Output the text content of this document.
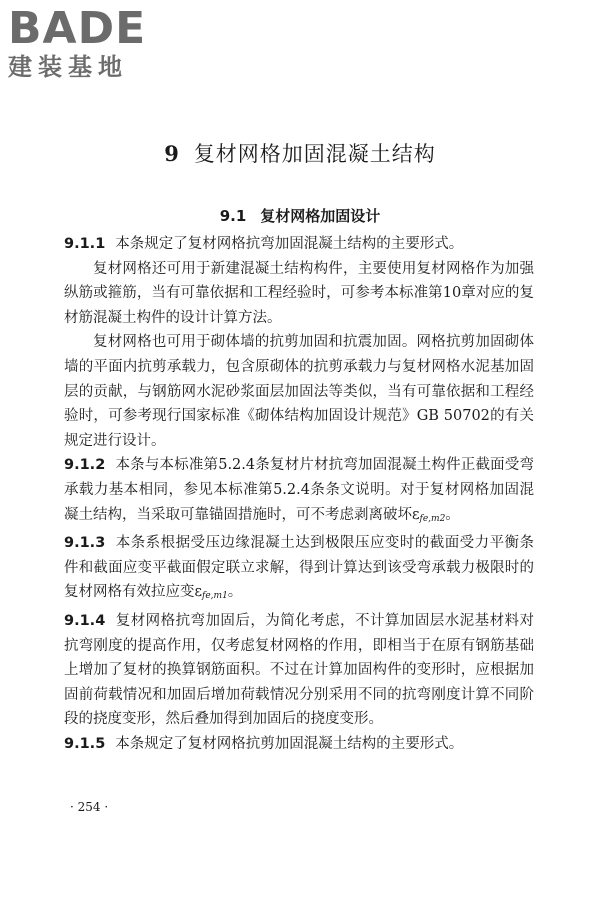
BADE
建装基地
9 复材网格加固混凝土结构
9.1 复材网格加固设计

9.1.1 本条规定了复材网格抗弯加固混凝土结构的主要形式。

复材网格还可用于新建混凝土结构构件，主要使用复材网格作为加强纵筋或箍筋，当有可靠依据和工程经验时，可参考本标准第10章对应的复材筋混凝土构件的设计计算方法。

复材网格也可用于砌体墙的抗剪加固和抗震加固。网格抗剪加固砌体墙的平面内抗剪承载力，包含原砌体的抗剪承载力与复材网格水泥基加固层的贡献，与钢筋网水泥砂浆面层加固法等类似，当有可靠依据和工程经验时，可参考现行国家标准《砌体结构加固设计规范》GB 50702的有关规定进行设计。

9.1.2 本条与本标准第5.2.4条复材片材抗弯加固混凝土构件正截面受弯承载力基本相同，参见本标准第5.2.4条条文说明。对于复材网格加固混凝土结构，当采取可靠锚固措施时，可不考虑剥离破坏$\varepsilon_{fe,m2}$。

9.1.3 本条系根据受压边缘混凝土达到极限压应变时的截面受力平衡条件和截面应变平截面假定联立求解，得到计算达到该受弯承载力极限时的复材网格有效拉应变$\varepsilon_{fe,m1}$。

9.1.4 复材网格抗弯加固后，为简化考虑，不计算加固层水泥基材料对抗弯刚度的提高作用，仅考虑复材网格的作用，即相当于在原有钢筋基础上增加了复材的换算钢筋面积。不过在计算加固构件的变形时，应根据加固前荷载情况和加固后增加荷载情况分别采用不同的抗弯刚度计算不同阶段的挠度变形，然后叠加得到加固后的挠度变形。

9.1.5 本条规定了复材网格抗剪加固混凝土结构的主要形式。

· 254 ·
